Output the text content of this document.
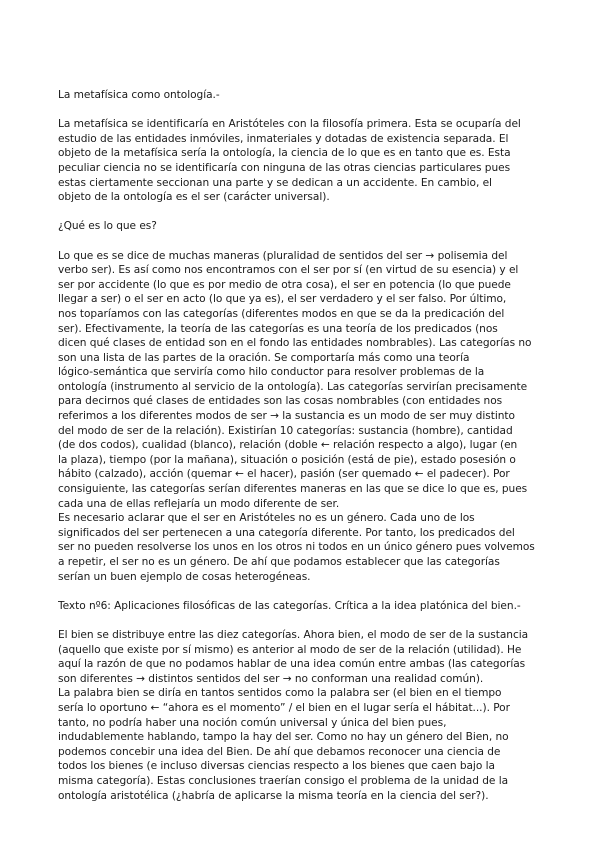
La metafísica como ontología.-
La metafísica se identificaría en Aristóteles con la filosofía primera. Esta se ocuparía del
estudio de las entidades inmóviles, inmateriales y dotadas de existencia separada. El
objeto de la metafísica sería la ontología, la ciencia de lo que es en tanto que es. Esta
peculiar ciencia no se identificaría con ninguna de las otras ciencias particulares pues
estas ciertamente seccionan una parte y se dedican a un accidente. En cambio, el
objeto de la ontología es el ser (carácter universal).
¿Qué es lo que es?
Lo que es se dice de muchas maneras (pluralidad de sentidos del ser → polisemia del
verbo ser). Es así como nos encontramos con el ser por sí (en virtud de su esencia) y el
ser por accidente (lo que es por medio de otra cosa), el ser en potencia (lo que puede
llegar a ser) o el ser en acto (lo que ya es), el ser verdadero y el ser falso. Por último,
nos toparíamos con las categorías (diferentes modos en que se da la predicación del
ser). Efectivamente, la teoría de las categorías es una teoría de los predicados (nos
dicen qué clases de entidad son en el fondo las entidades nombrables). Las categorías no
son una lista de las partes de la oración. Se comportaría más como una teoría
lógico-semántica que serviría como hilo conductor para resolver problemas de la
ontología (instrumento al servicio de la ontología). Las categorías servirían precisamente
para decirnos qué clases de entidades son las cosas nombrables (con entidades nos
referimos a los diferentes modos de ser → la sustancia es un modo de ser muy distinto
del modo de ser de la relación). Existirían 10 categorías: sustancia (hombre), cantidad
(de dos codos), cualidad (blanco), relación (doble ← relación respecto a algo), lugar (en
la plaza), tiempo (por la mañana), situación o posición (está de pie), estado posesión o
hábito (calzado), acción (quemar ← el hacer), pasión (ser quemado ← el padecer). Por
consiguiente, las categorías serían diferentes maneras en las que se dice lo que es, pues
cada una de ellas reflejaría un modo diferente de ser.
Es necesario aclarar que el ser en Aristóteles no es un género. Cada uno de los
significados del ser pertenecen a una categoría diferente. Por tanto, los predicados del
ser no pueden resolverse los unos en los otros ni todos en un único género pues volvemos
a repetir, el ser no es un género. De ahí que podamos establecer que las categorías
serían un buen ejemplo de cosas heterogéneas.
Texto nº6: Aplicaciones filosóficas de las categorías. Crítica a la idea platónica del bien.-
El bien se distribuye entre las diez categorías. Ahora bien, el modo de ser de la sustancia
(aquello que existe por sí mismo) es anterior al modo de ser de la relación (utilidad). He
aquí la razón de que no podamos hablar de una idea común entre ambas (las categorías
son diferentes → distintos sentidos del ser → no conforman una realidad común).
La palabra bien se diría en tantos sentidos como la palabra ser (el bien en el tiempo
sería lo oportuno ← “ahora es el momento” / el bien en el lugar sería el hábitat...). Por
tanto, no podría haber una noción común universal y única del bien pues,
indudablemente hablando, tampo la hay del ser. Como no hay un género del Bien, no
podemos concebir una idea del Bien. De ahí que debamos reconocer una ciencia de
todos los bienes (e incluso diversas ciencias respecto a los bienes que caen bajo la
misma categoría). Estas conclusiones traerían consigo el problema de la unidad de la
ontología aristotélica (¿habría de aplicarse la misma teoría en la ciencia del ser?).
